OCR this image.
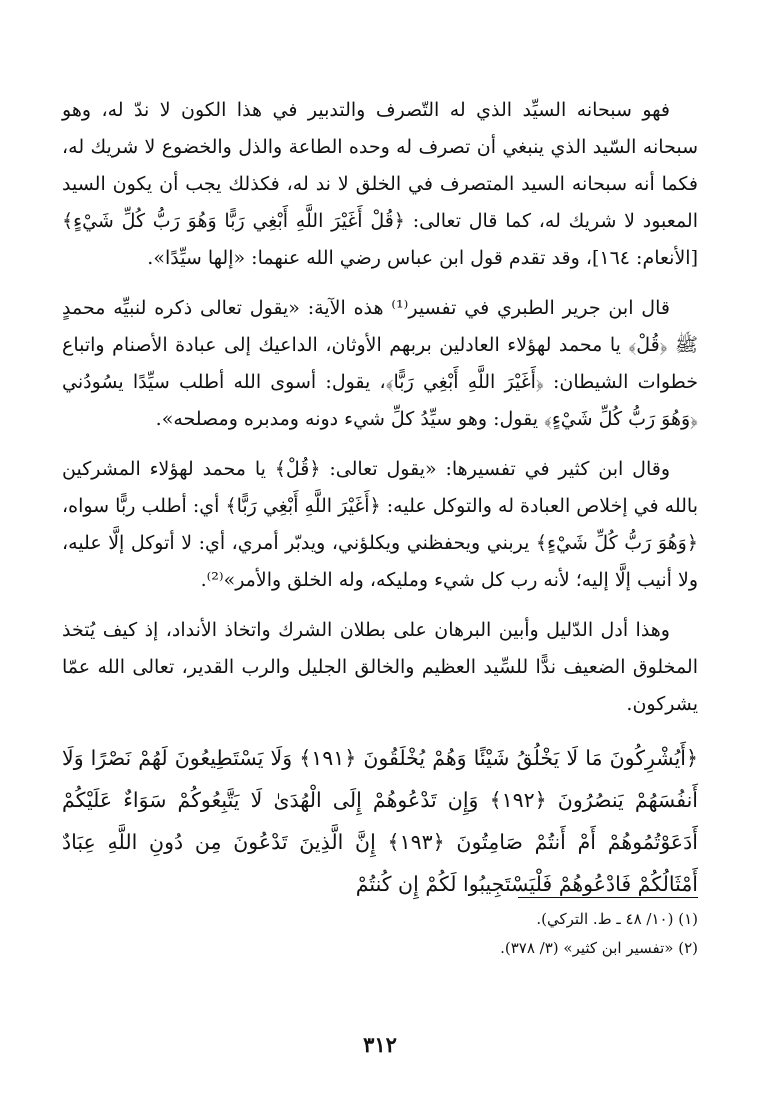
فهو سبحانه السيِّد الذي له التّصرف والتدبير في هذا الكون لا ندّ له، وهو سبحانه السّيد الذي ينبغي أن تصرف له وحده الطاعة والذل والخضوع لا شريك له، فكما أنه سبحانه السيد المتصرف في الخلق لا ند له، فكذلك يجب أن يكون السيد المعبود لا شريك له، كما قال تعالى: ﴿قُلْ أَغَيْرَ اللَّهِ أَبْغِي رَبًّا وَهُوَ رَبُّ كُلِّ شَيْءٍ﴾ [الأنعام: ١٦٤]، وقد تقدم قول ابن عباس رضي الله عنهما: «إلها سيِّدًا».

قال ابن جرير الطبري في تفسير⁽¹⁾ هذه الآية: «يقول تعالى ذكره لنبيِّه محمدٍ ﷺ ﴿قُلْ﴾ يا محمد لهؤلاء العادلين بربهم الأوثان، الداعيك إلى عبادة الأصنام واتباع خطوات الشيطان: ﴿أَغَيْرَ اللَّهِ أَبْغِي رَبًّا﴾، يقول: أسوى الله أطلب سيِّدًا يسُودُني ﴿وَهُوَ رَبُّ كُلِّ شَيْءٍ﴾ يقول: وهو سيِّدُ كلِّ شيء دونه ومدبره ومصلحه».

وقال ابن كثير في تفسيرها: «يقول تعالى: ﴿قُلْ﴾ يا محمد لهؤلاء المشركين بالله في إخلاص العبادة له والتوكل عليه: ﴿أَغَيْرَ اللَّهِ أَبْغِي رَبًّا﴾ أي: أطلب ربًّا سواه، ﴿وَهُوَ رَبُّ كُلِّ شَيْءٍ﴾ يربني ويحفظني ويكلؤني، ويدبّر أمري، أي: لا أتوكل إلَّا عليه، ولا أنيب إلَّا إليه؛ لأنه رب كل شيء ومليكه، وله الخلق والأمر»⁽²⁾.

وهذا أدل الدّليل وأبين البرهان على بطلان الشرك واتخاذ الأنداد، إذ كيف يُتخذ المخلوق الضعيف ندًّا للسِّيد العظيم والخالق الجليل والرب القدير، تعالى الله عمّا يشركون.

﴿أَيُشْرِكُونَ مَا لَا يَخْلُقُ شَيْئًا وَهُمْ يُخْلَقُونَ ﴿١٩١﴾ وَلَا يَسْتَطِيعُونَ لَهُمْ نَصْرًا وَلَا أَنفُسَهُمْ يَنصُرُونَ ﴿١٩٢﴾ وَإِن تَدْعُوهُمْ إِلَى الْهُدَىٰ لَا يَتَّبِعُوكُمْ سَوَاءٌ عَلَيْكُمْ أَدَعَوْتُمُوهُمْ أَمْ أَنتُمْ صَامِتُونَ ﴿١٩٣﴾ إِنَّ الَّذِينَ تَدْعُونَ مِن دُونِ اللَّهِ عِبَادٌ أَمْثَالُكُمْ فَادْعُوهُمْ فَلْيَسْتَجِيبُوا لَكُمْ إِن كُنتُمْ

(١) (١٠/ ٤٨ ـ ط. التركي).
(٢) «تفسير ابن كثير» (٣/ ٣٧٨).
٣١٢
